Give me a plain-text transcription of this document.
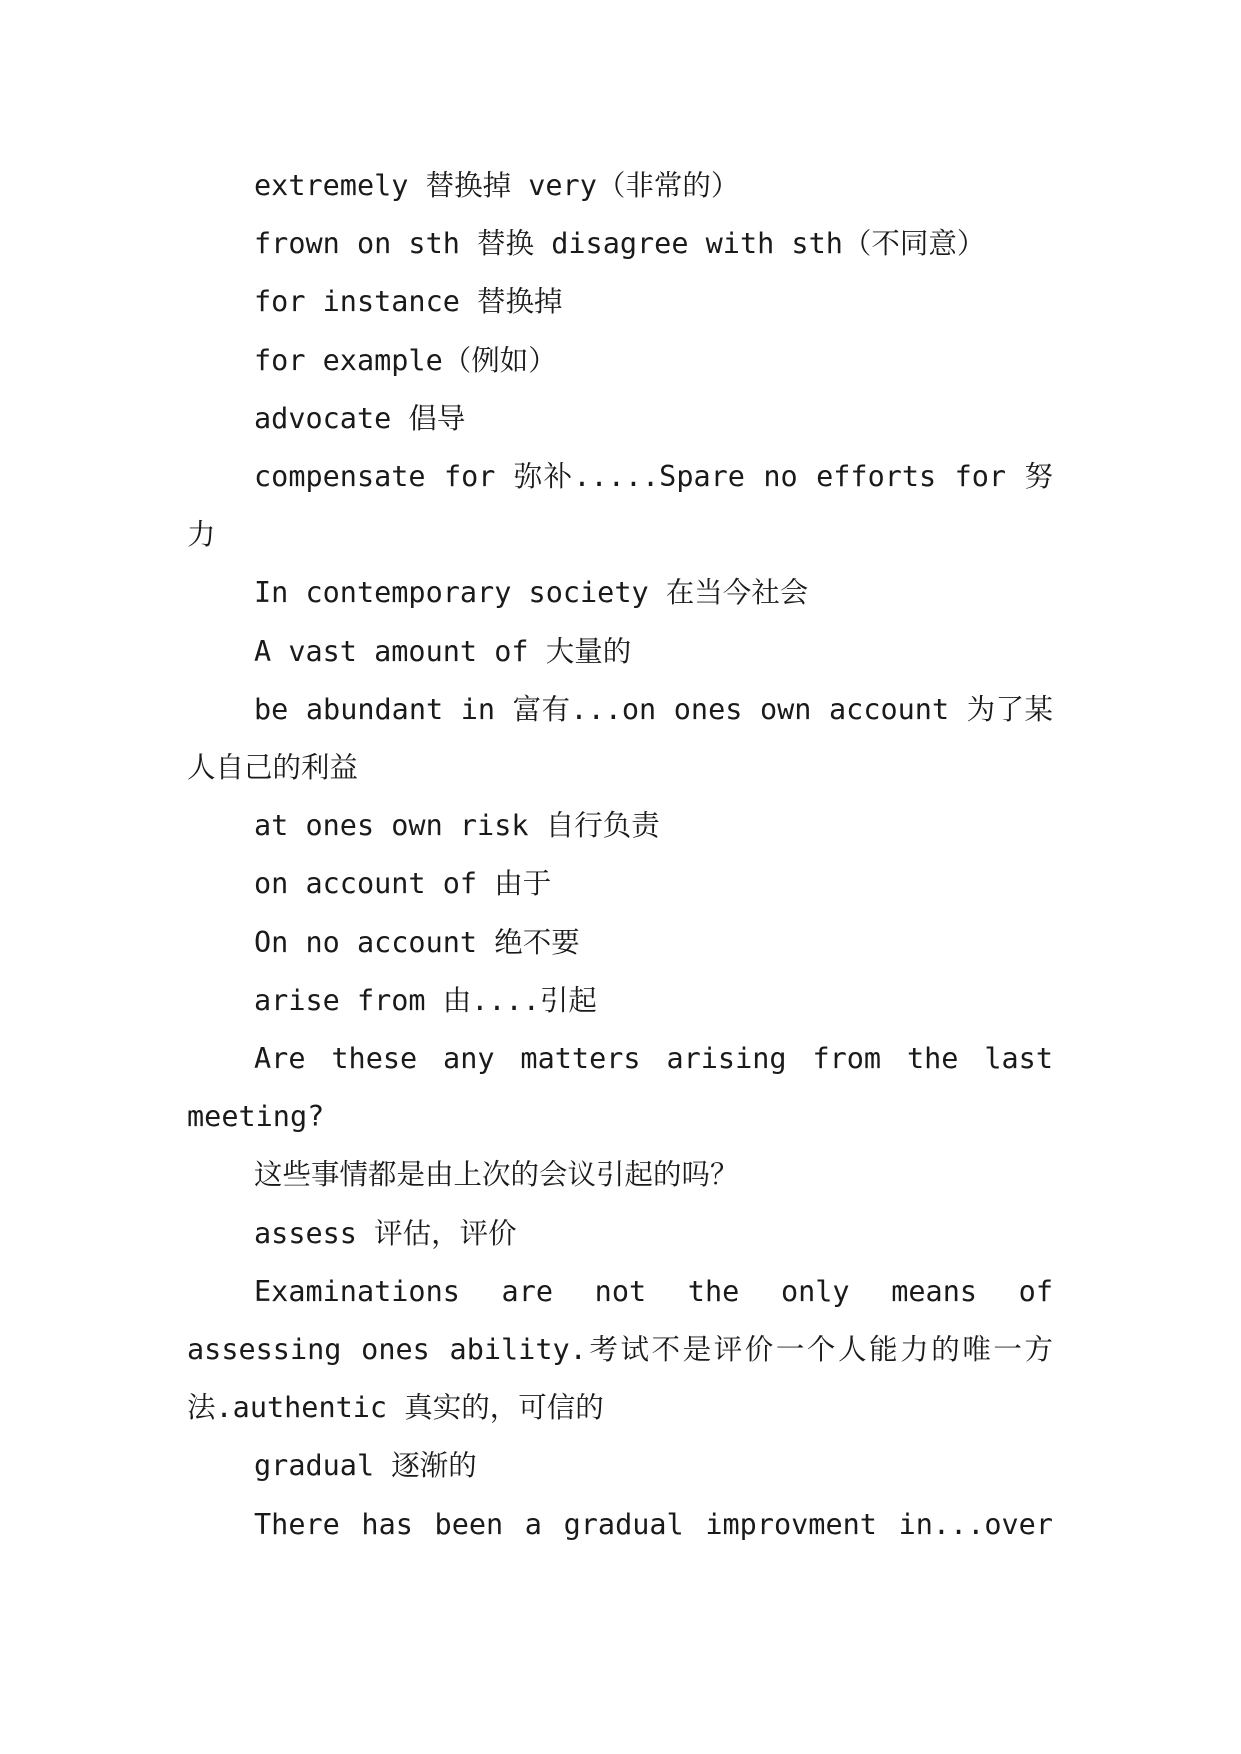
extremely 替换掉 very（非常的）

frown on sth 替换 disagree with sth（不同意）

for instance 替换掉

for example（例如）

advocate 倡导

compensate for 弥补.....Spare no efforts for 努力

In contemporary society 在当今社会

A vast amount of 大量的

be abundant in 富有...on ones own account 为了某人自己的利益

at ones own risk 自行负责

on account of 由于

On no account 绝不要

arise from 由....引起

Are these any matters arising from the last meeting?

这些事情都是由上次的会议引起的吗？

assess 评估，评价

Examinations are not the only means of assessing ones ability.考试不是评价一个人能力的唯一方法.authentic 真实的，可信的

gradual 逐渐的

There has been a gradual improvment in...over
